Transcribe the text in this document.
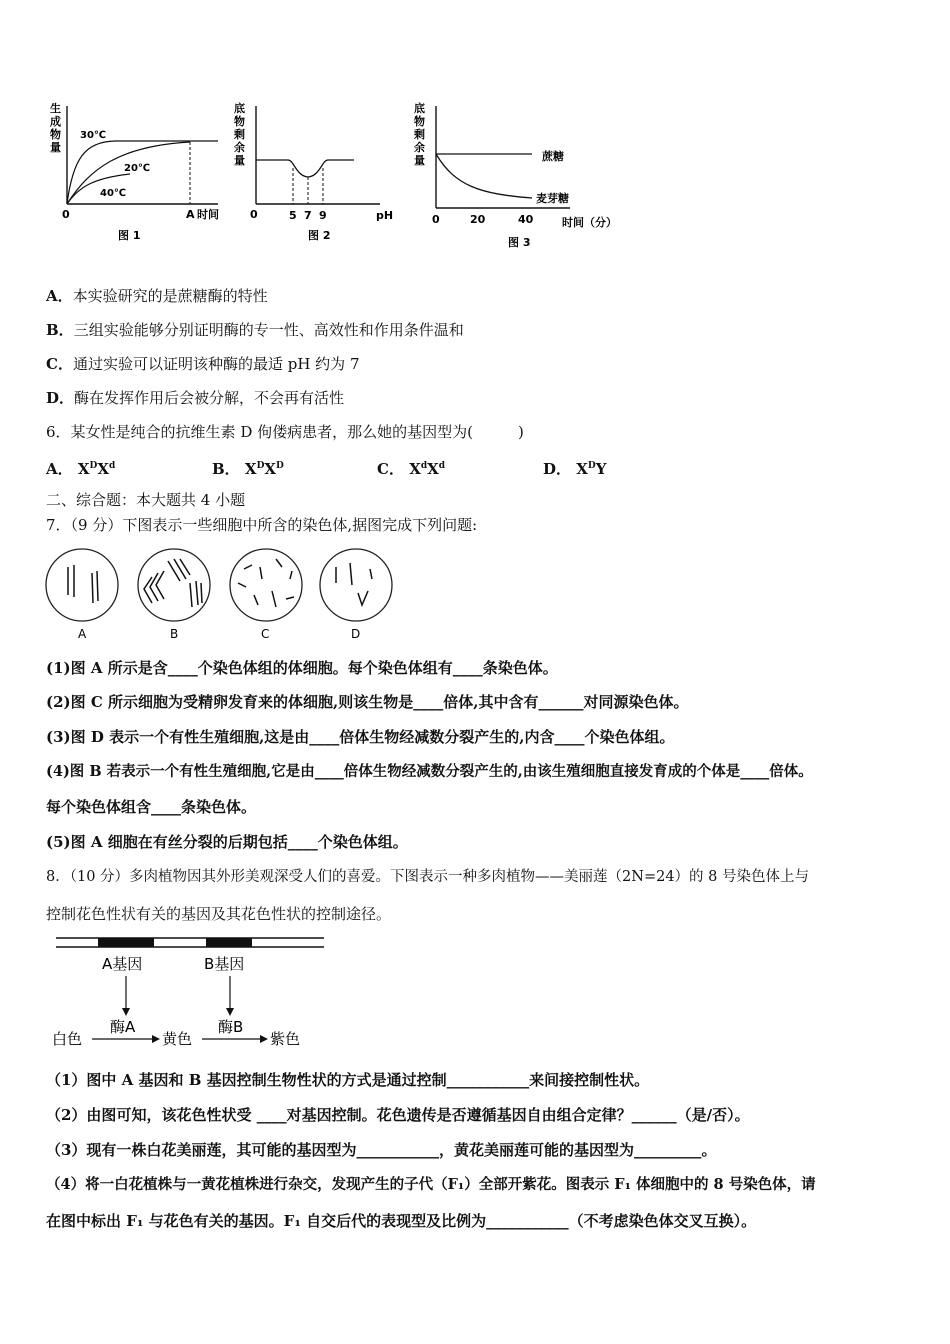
生
成
物
量
30℃
20℃
40℃
0	A 时间
图 1
底
物
剩
余
量
0	5 7 9	pH
图 2
底
物
剩
余
量	蔗糖
麦芽糖
0	20	40	时间（分）
图 3
A．本实验研究的是蔗糖酶的特性
B．三组实验能够分别证明酶的专一性、高效性和作用条件温和
C．通过实验可以证明该种酶的最适 pH 约为 7
D．酶在发挥作用后会被分解，不会再有活性
6．某女性是纯合的抗维生素 D 佝偻病患者，那么她的基因型为(　　　)
A． $X^DX^d$	B． $X^DX^D$	C． $X^dX^d$	D． $X^DY$
二、综合题：本大题共 4 小题
7．（9 分）下图表示一些细胞中所含的染色体,据图完成下列问题:
A	B	C	D
(1)图 A 所示是含____个染色体组的体细胞。每个染色体组有____条染色体。
(2)图 C 所示细胞为受精卵发育来的体细胞,则该生物是____倍体,其中含有______对同源染色体。
(3)图 D 表示一个有性生殖细胞,这是由____倍体生物经减数分裂产生的,内含____个染色体组。
(4)图 B 若表示一个有性生殖细胞,它是由____倍体生物经减数分裂产生的,由该生殖细胞直接发育成的个体是____倍体。
每个染色体组含____条染色体。
(5)图 A 细胞在有丝分裂的后期包括____个染色体组。
8．（10 分）多肉植物因其外形美观深受人们的喜爱。下图表示一种多肉植物——美丽莲（2N=24）的 8 号染色体上与
控制花色性状有关的基因及其花色性状的控制途径。
A基因	B基因
白色
酶A
黄色
酶B
紫色
（1）图中 A 基因和 B 基因控制生物性状的方式是通过控制___________来间接控制性状。
（2）由图可知，该花色性状受 ____对基因控制。花色遗传是否遵循基因自由组合定律？______（是/否）。
（3）现有一株白花美丽莲，其可能的基因型为___________，黄花美丽莲可能的基因型为_________。
（4）将一白花植株与一黄花植株进行杂交，发现产生的子代（F₁）全部开紫花。图表示 F₁ 体细胞中的 8 号染色体，请
在图中标出 F₁ 与花色有关的基因。F₁ 自交后代的表现型及比例为___________（不考虑染色体交叉互换）。
